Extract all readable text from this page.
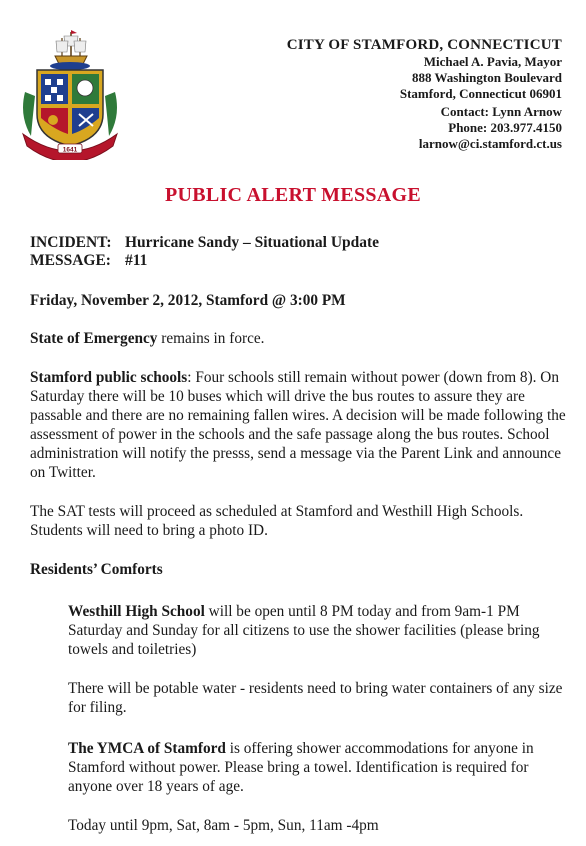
1641
CITY OF STAMFORD, CONNECTICUT
Michael A. Pavia, Mayor
888 Washington Boulevard
Stamford, Connecticut 06901
Contact: Lynn Arnow
Phone: 203.977.4150
larnow@ci.stamford.ct.us
PUBLIC ALERT MESSAGE
INCIDENT: Hurricane Sandy – Situational Update
MESSAGE: #11

Friday, November 2, 2012, Stamford @ 3:00 PM

State of Emergency remains in force.

Stamford public schools: Four schools still remain without power (down from 8). On Saturday there will be 10 buses which will drive the bus routes to assure they are passable and there are no remaining fallen wires. A decision will be made following the assessment of power in the schools and the safe passage along the bus routes. School administration will notify the presss, send a message via the Parent Link and announce on Twitter.

The SAT tests will proceed as scheduled at Stamford and Westhill High Schools. Students will need to bring a photo ID.

Residents’ Comforts

Westhill High School will be open until 8 PM today and from 9am-1 PM Saturday and Sunday for all citizens to use the shower facilities (please bring towels and toiletries)

There will be potable water - residents need to bring water containers of any size for filing.

The YMCA of Stamford is offering shower accommodations for anyone in Stamford without power. Please bring a towel. Identification is required for anyone over 18 years of age.

Today until 9pm, Sat, 8am - 5pm, Sun, 11am -4pm
